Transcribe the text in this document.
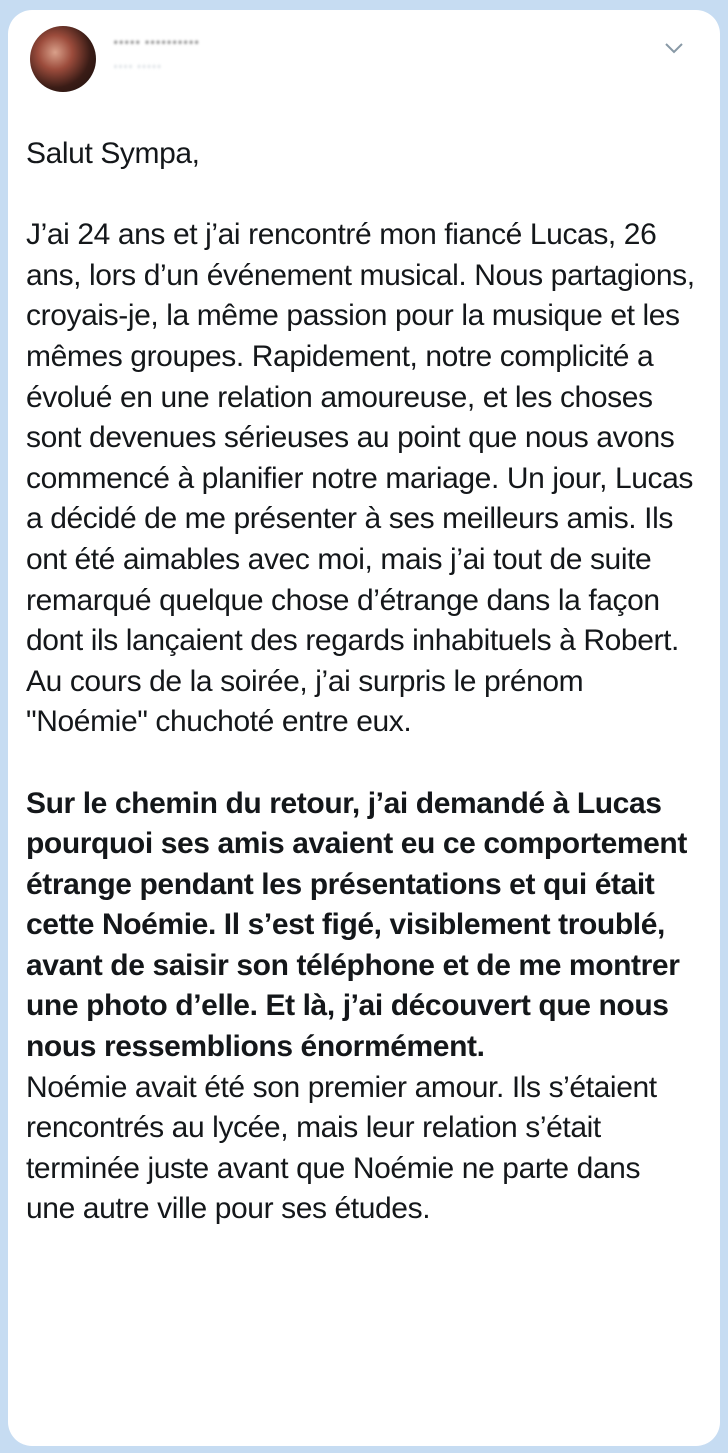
ﾟﾟﾟﾟﾟ ﾟﾟﾟﾟﾟﾟﾟﾟﾟﾟ
ﾟﾟﾟﾟ ﾟﾟﾟﾟﾟ

Salut Sympa,

J’ai 24 ans et j’ai rencontré mon fiancé Lucas, 26 ans, lors d’un événement musical. Nous partagions, croyais-je, la même passion pour la musique et les mêmes groupes. Rapidement, notre complicité a évolué en une relation amoureuse, et les choses sont devenues sérieuses au point que nous avons commencé à planifier notre mariage. Un jour, Lucas a décidé de me présenter à ses meilleurs amis. Ils ont été aimables avec moi, mais j’ai tout de suite remarqué quelque chose d’étrange dans la façon dont ils lançaient des regards inhabituels à Robert. Au cours de la soirée, j’ai surpris le prénom "Noémie" chuchoté entre eux.

Sur le chemin du retour, j’ai demandé à Lucas pourquoi ses amis avaient eu ce comportement étrange pendant les présentations et qui était cette Noémie. Il s’est figé, visiblement troublé, avant de saisir son téléphone et de me montrer une photo d’elle. Et là, j’ai découvert que nous nous ressemblions énormément.

Noémie avait été son premier amour. Ils s’étaient rencontrés au lycée, mais leur relation s’était terminée juste avant que Noémie ne parte dans une autre ville pour ses études.
